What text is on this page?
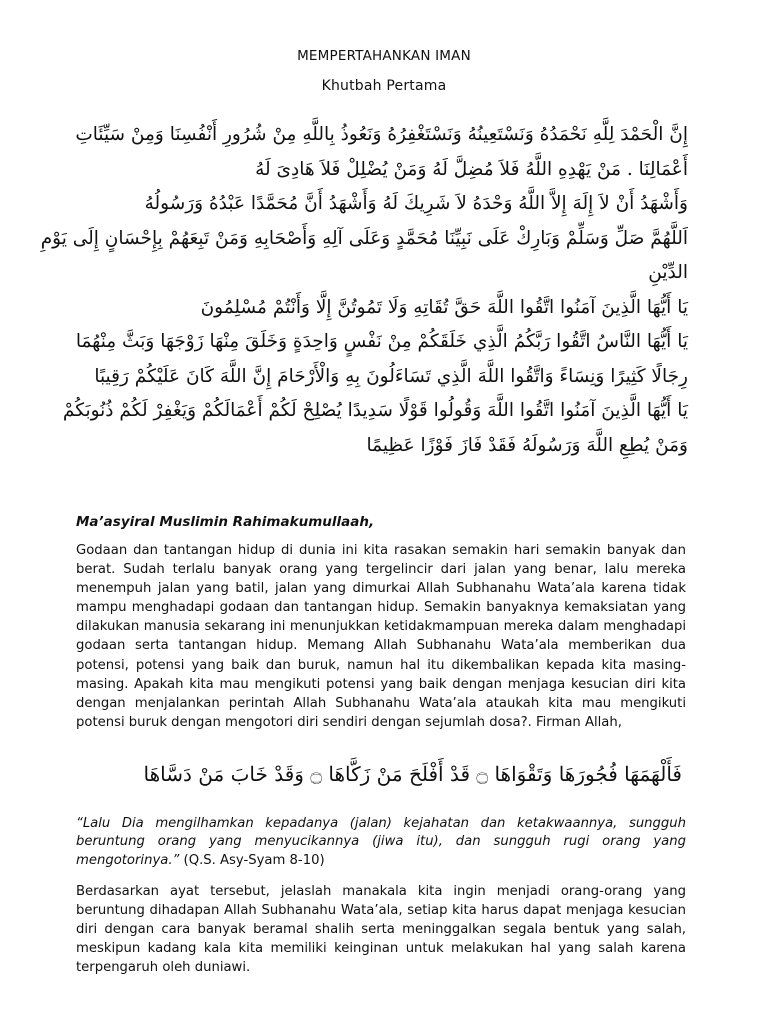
MEMPERTAHANKAN IMAN
Khutbah Pertama
إِنَّ الْحَمْدَ لِلَّهِ نَحْمَدُهُ وَنَسْتَعِينُهُ وَنَسْتَغْفِرُهُ وَنَعُوذُ بِاللَّهِ مِنْ شُرُورِ أَنْفُسِنَا وَمِنْ سَيِّئَاتِ
أَعْمَالِنَا . مَنْ يَهْدِهِ اللَّهُ فَلاَ مُضِلَّ لَهُ وَمَنْ يُضْلِلْ فَلاَ هَادِىَ لَهُ
وَأَشْهَدُ أَنْ لاَ إِلَهَ إِلاَّ اللَّهُ وَحْدَهُ لاَ شَرِيكَ لَهُ وَأَشْهَدُ أَنَّ مُحَمَّدًا عَبْدُهُ وَرَسُولُهُ
اَللَّهُمَّ صَلِّ وَسَلِّمْ وَبَارِكْ عَلَى نَبِيِّنَا مُحَمَّدٍ وَعَلَى آلِهِ وَأَصْحَابِهِ وَمَنْ تَبِعَهُمْ بِإِحْسَانٍ إِلَى يَوْمِ
الدِّيْنِ
يَا أَيُّهَا الَّذِينَ آمَنُوا اتَّقُوا اللَّهَ حَقَّ تُقَاتِهِ وَلَا تَمُوتُنَّ إِلَّا وَأَنْتُمْ مُسْلِمُونَ
يَا أَيُّهَا النَّاسُ اتَّقُوا رَبَّكُمُ الَّذِي خَلَقَكُمْ مِنْ نَفْسٍ وَاحِدَةٍ وَخَلَقَ مِنْهَا زَوْجَهَا وَبَثَّ مِنْهُمَا
رِجَالًا كَثِيرًا وَنِسَاءً وَاتَّقُوا اللَّهَ الَّذِي تَسَاءَلُونَ بِهِ وَالْأَرْحَامَ إِنَّ اللَّهَ كَانَ عَلَيْكُمْ رَقِيبًا
يَا أَيُّهَا الَّذِينَ آمَنُوا اتَّقُوا اللَّهَ وَقُولُوا قَوْلًا سَدِيدًا يُصْلِحْ لَكُمْ أَعْمَالَكُمْ وَيَغْفِرْ لَكُمْ ذُنُوبَكُمْ
وَمَنْ يُطِعِ اللَّهَ وَرَسُولَهُ فَقَدْ فَازَ فَوْزًا عَظِيمًا
Ma’asyiral Muslimin Rahimakumullaah,
Godaan dan tantangan hidup di dunia ini kita rasakan semakin hari semakin banyak dan berat. Sudah terlalu banyak orang yang tergelincir dari jalan yang benar, lalu mereka menempuh jalan yang batil, jalan yang dimurkai Allah Subhanahu Wata’ala karena tidak mampu menghadapi godaan dan tantangan hidup. Semakin banyaknya kemaksiatan yang dilakukan manusia sekarang ini menunjukkan ketidakmampuan mereka dalam menghadapi godaan serta tantangan hidup. Memang Allah Subhanahu Wata’ala memberikan dua potensi, potensi yang baik dan buruk, namun hal itu dikembalikan kepada kita masing-masing. Apakah kita mau mengikuti potensi yang baik dengan menjaga kesucian diri kita dengan menjalankan perintah Allah Subhanahu Wata’ala ataukah kita mau mengikuti potensi buruk dengan mengotori diri sendiri dengan sejumlah dosa?. Firman Allah,
فَأَلْهَمَهَا فُجُورَهَا وَتَقْوَاهَا ۝ قَدْ أَفْلَحَ مَنْ زَكَّاهَا ۝ وَقَدْ خَابَ مَنْ دَسَّاهَا
“Lalu Dia mengilhamkan kepadanya (jalan) kejahatan dan ketakwaannya, sungguh beruntung orang yang menyucikannya (jiwa itu), dan sungguh rugi orang yang mengotorinya.” (Q.S. Asy-Syam 8-10)
Berdasarkan ayat tersebut, jelaslah manakala kita ingin menjadi orang-orang yang beruntung dihadapan Allah Subhanahu Wata’ala, setiap kita harus dapat menjaga kesucian diri dengan cara banyak beramal shalih serta meninggalkan segala bentuk yang salah, meskipun kadang kala kita memiliki keinginan untuk melakukan hal yang salah karena terpengaruh oleh duniawi.
